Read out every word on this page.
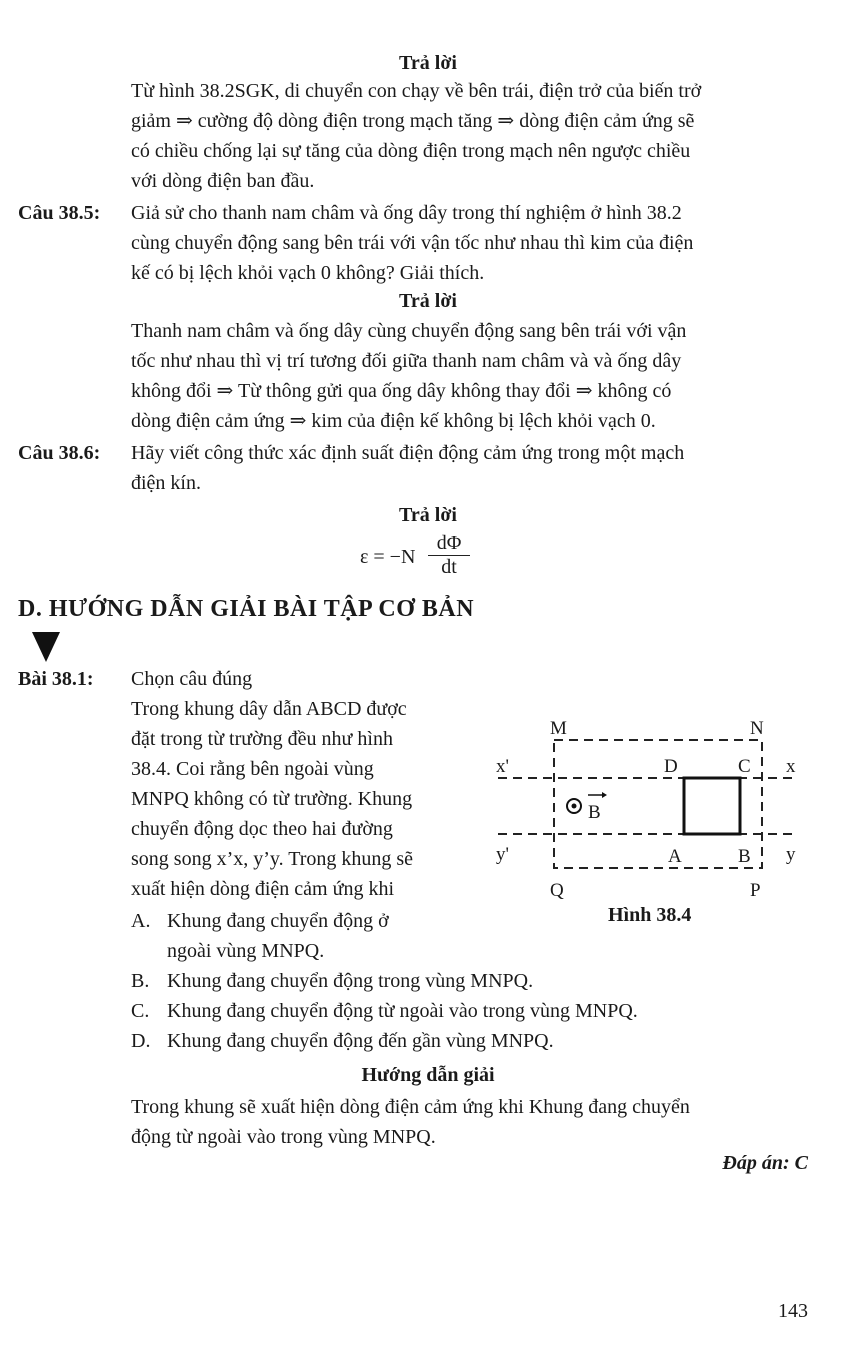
Trả lời
Từ hình 38.2SGK, di chuyển con chạy về bên trái, điện trở của biến trở
giảm ⇒ cường độ dòng điện trong mạch tăng ⇒ dòng điện cảm ứng sẽ
có chiều chống lại sự tăng của dòng điện trong mạch nên ngược chiều
với dòng điện ban đầu.
Câu 38.5: Giả sử cho thanh nam châm và ống dây trong thí nghiệm ở hình 38.2
cùng chuyển động sang bên trái với vận tốc như nhau thì kim của điện
kế có bị lệch khỏi vạch 0 không? Giải thích.
Trả lời
Thanh nam châm và ống dây cùng chuyển động sang bên trái với vận
tốc như nhau thì vị trí tương đối giữa thanh nam châm và và ống dây
không đổi ⇒ Từ thông gửi qua ống dây không thay đổi ⇒ không có
dòng điện cảm ứng ⇒ kim của điện kế không bị lệch khỏi vạch 0.
Câu 38.6: Hãy viết công thức xác định suất điện động cảm ứng trong một mạch
điện kín.
Trả lời
ε = −N
dΦ
dt
D. HƯỚNG DẪN GIẢI BÀI TẬP CƠ BẢN
Bài 38.1: Chọn câu đúng
Trong khung dây dẫn ABCD được
đặt trong từ trường đều như hình
38.4. Coi rằng bên ngoài vùng
MNPQ không có từ trường. Khung
chuyển động dọc theo hai đường
song song x’x, y’y. Trong khung sẽ
xuất hiện dòng điện cảm ứng khi
A. Khung đang chuyển động ở
ngoài vùng MNPQ.
B. Khung đang chuyển động trong vùng MNPQ.
C. Khung đang chuyển động từ ngoài vào trong vùng MNPQ.
D. Khung đang chuyển động đến gần vùng MNPQ.
Hướng dẫn giải
Trong khung sẽ xuất hiện dòng điện cảm ứng khi Khung đang chuyển
động từ ngoài vào trong vùng MNPQ.
Đáp án: C
B
M	N
Q	P
D	C
A	B
x'	x
y'	y
Hình 38.4
143
